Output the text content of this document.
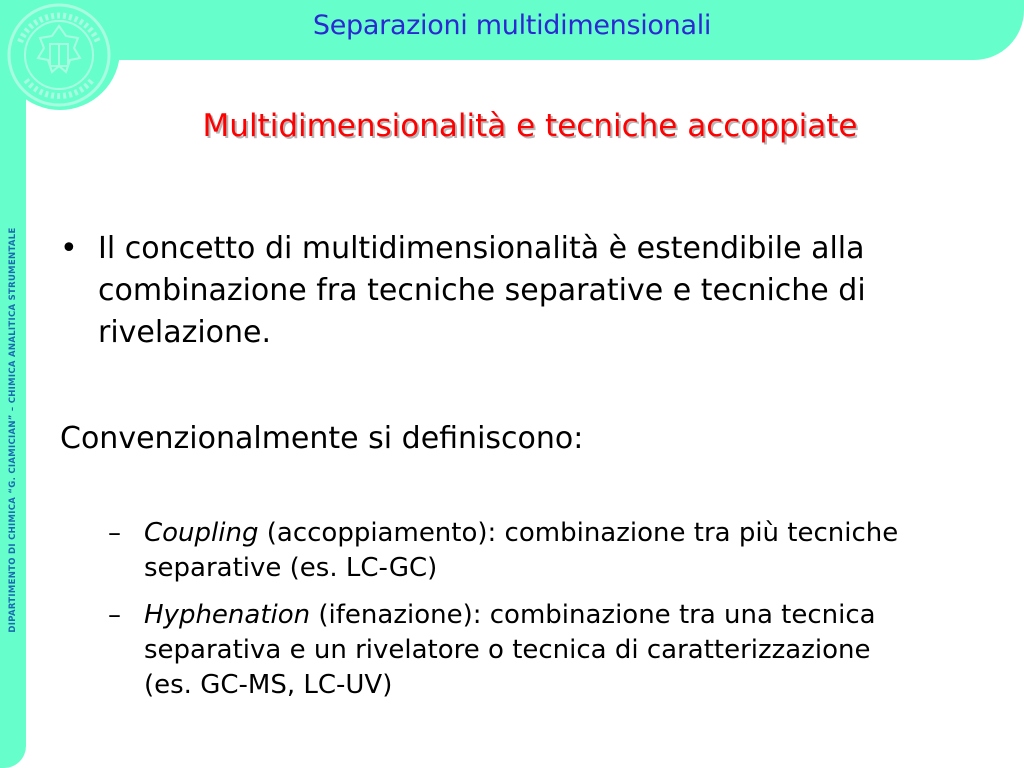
Separazioni multidimensionali
DIPARTIMENTO DI CHIMICA “G. CIAMICIAN” – CHIMICA ANALITICA STRUMENTALE
Multidimensionalità e tecniche accoppiate
• Il concetto di multidimensionalità è estendibile alla combinazione fra tecniche separative e tecniche di rivelazione.
Convenzionalmente si definiscono:
– Coupling (accoppiamento): combinazione tra più tecniche separative (es. LC-GC)
– Hyphenation (ifenazione): combinazione tra una tecnica separativa e un rivelatore o tecnica di caratterizzazione (es. GC-MS, LC-UV)
